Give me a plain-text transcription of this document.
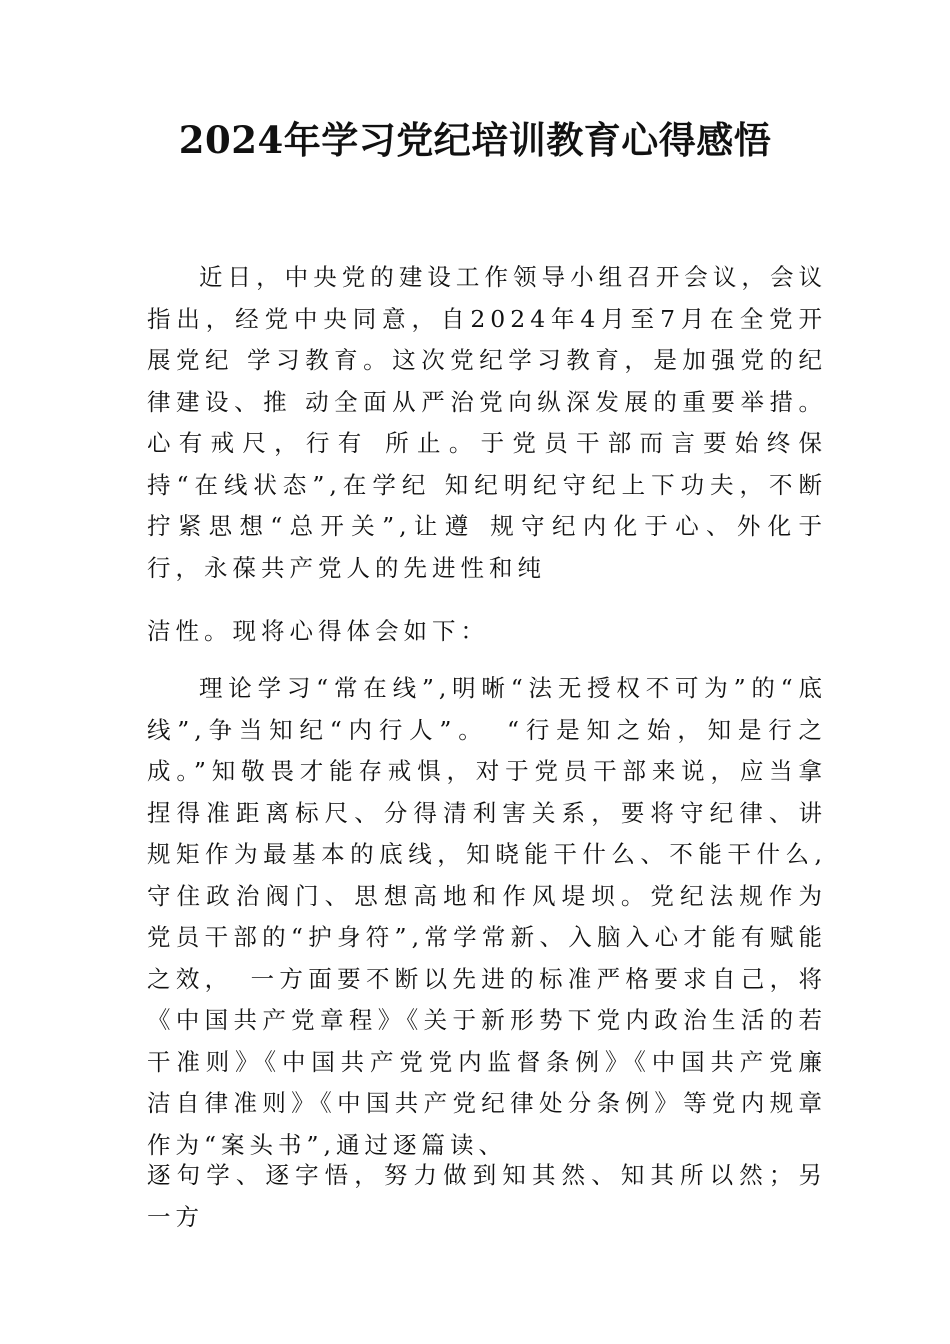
2024年学习党纪培训教育心得感悟

近日，中央党的建设工作领导小组召开会议，会议指出，经党中央同意，自2024年4月至7月在全党开展党纪 学习教育。这次党纪学习教育，是加强党的纪律建设、推 动全面从严治党向纵深发展的重要举措。心有戒尺，行有 所止。于党员干部而言要始终保持“在线状态”,在学纪 知纪明纪守纪上下功夫，不断拧紧思想“总开关”,让遵 规守纪内化于心、外化于行，永葆共产党人的先进性和纯

洁性。现将心得体会如下：

理论学习“常在线”,明晰“法无授权不可为”的“底线”,争当知纪“内行人”。　“行是知之始，知是行之成。”知敬畏才能存戒惧，对于党员干部来说，应当拿捏得准距离标尺、分得清利害关系，要将守纪律、讲规矩作为最基本的底线，知晓能干什么、不能干什么,守住政治阀门、思想高地和作风堤坝。党纪法规作为党员干部的“护身符”,常学常新、入脑入心才能有赋能之效，　一方面要不断以先进的标准严格要求自己，将《中国共产党章程》《关于新形势下党内政治生活的若干准则》《中国共产党党内监督条例》《中国共产党廉洁自律准则》《中国共产党纪律处分条例》等党内规章作为“案头书”,通过逐篇读、

逐句学、逐字悟，努力做到知其然、知其所以然；另一方
